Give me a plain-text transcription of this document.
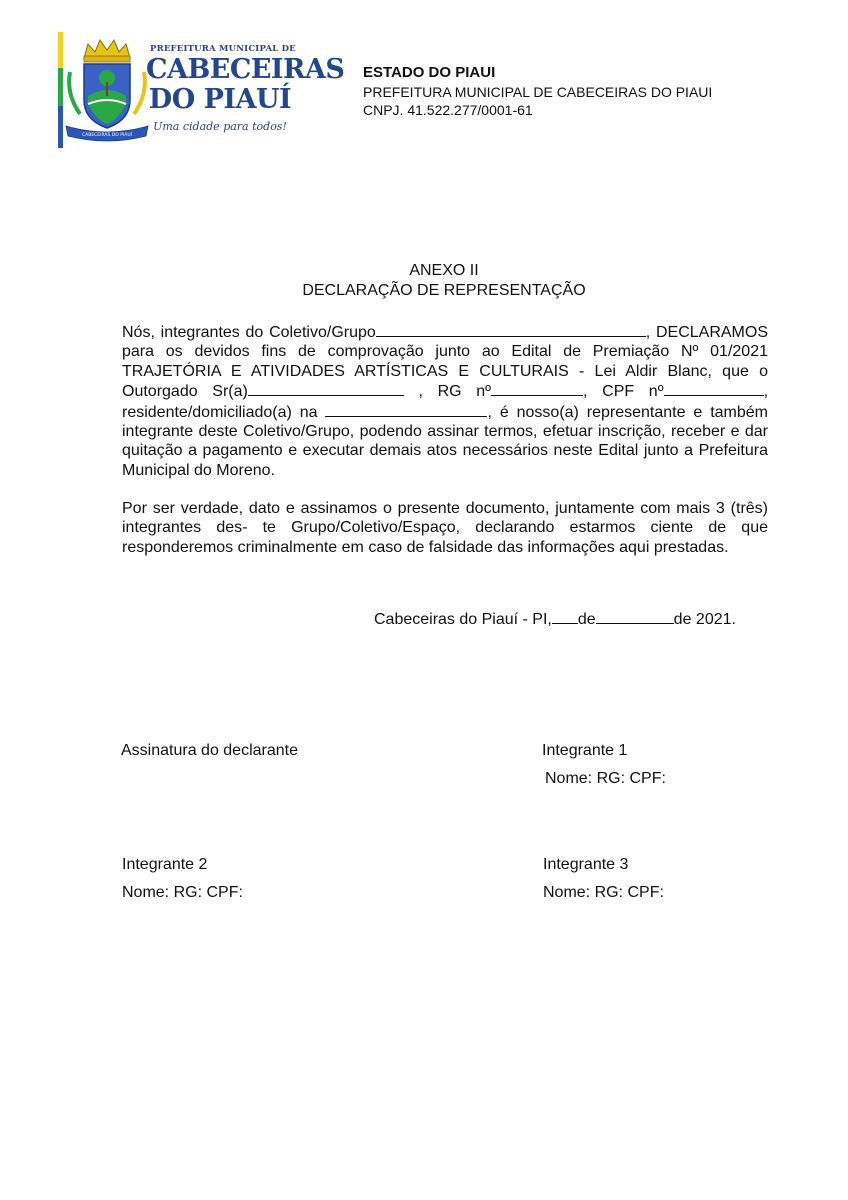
CABECEIRAS DO PIAUÍ
PREFEITURA MUNICIPAL DE
CABECEIRAS
DO PIAUÍ
Uma cidade para todos!
ESTADO DO PIAUI
PREFEITURA MUNICIPAL DE CABECEIRAS DO PIAUI
CNPJ. 41.522.277/0001-61
ANEXO II
DECLARAÇÃO DE REPRESENTAÇÃO
Nós, integrantes do Coletivo/Grupo	, DECLARAMOS para os devidos fins de comprovação junto ao Edital de Premiação Nº 01/2021 TRAJETÓRIA E ATIVIDADES ARTÍSTICAS E CULTURAIS - Lei Aldir Blanc, que o Outorgado Sr(a)	, RG nº	, CPF nº	, residente/domiciliado(a) na	, é nosso(a) representante e também integrante deste Coletivo/Grupo, podendo assinar termos, efetuar inscrição, receber e dar quitação a pagamento e executar demais atos necessários neste Edital junto a Prefeitura Municipal do Moreno.
Por ser verdade, dato e assinamos o presente documento, juntamente com mais 3 (três) integrantes des- te Grupo/Coletivo/Espaço, declarando estarmos ciente de que responderemos criminalmente em caso de falsidade das informações aqui prestadas.
Cabeceiras do Piauí - PI, de	de 2021.
Assinatura do declarante	Integrante 1
Nome: RG: CPF:
Integrante 2
Nome: RG: CPF:
Integrante 3
Nome: RG: CPF:
